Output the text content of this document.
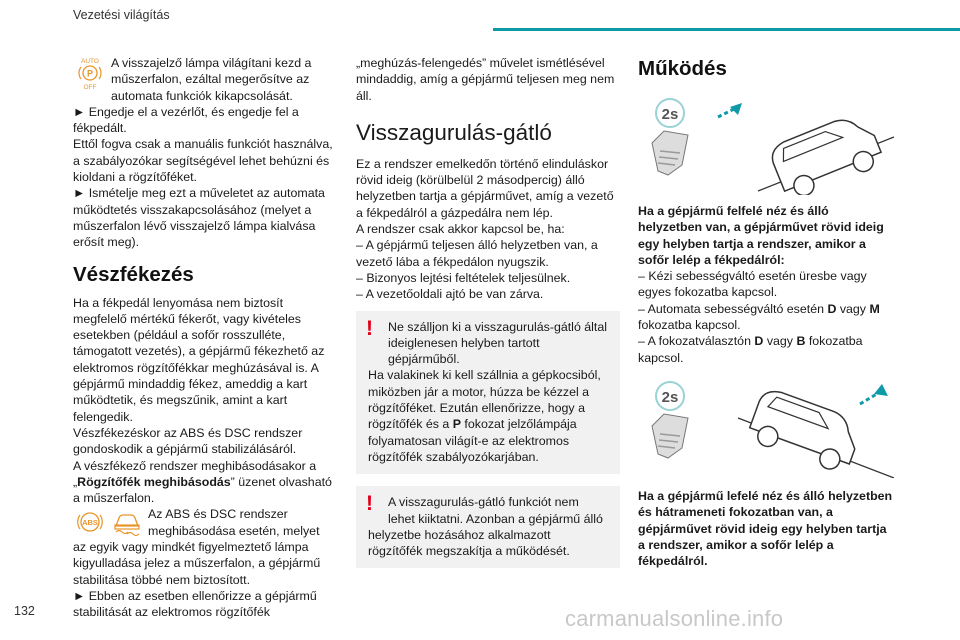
Vezetési világítás
AUTO
P
OFF
A visszajelző lámpa világítani kezd a műszerfalon, ezáltal megerősítve az automata funkciók kikapcsolását.

► Engedje el a vezérlőt, és engedje fel a fékpedált.

Ettől fogva csak a manuális funkciót használva, a szabályozókar segítségével lehet behúzni és kioldani a rögzítőféket.

► Ismételje meg ezt a műveletet az automata működtetés visszakapcsolásához (melyet a műszerfalon lévő visszajelző lámpa kialvása erősít meg).

Vészfékezés

Ha a fékpedál lenyomása nem biztosít megfelelő mértékű fékerőt, vagy kivételes esetekben (például a sofőr rosszulléte, támogatott vezetés), a gépjármű fékezhető az elektromos rögzítőfékkar meghúzásával is. A gépjármű mindaddig fékez, ameddig a kart működtetik, és megszűnik, amint a kart felengedik.

Vészfékezéskor az ABS és DSC rendszer gondoskodik a gépjármű stabilizálásáról.

A vészfékező rendszer meghibásodásakor a „Rögzítőfék meghibásodás” üzenet olvasható a műszerfalon.

ABS
Az ABS és DSC rendszer meghibásodása esetén, melyet az egyik vagy mindkét figyelmeztető lámpa kigyulladása jelez a műszerfalon, a gépjármű stabilitása többé nem biztosított.

► Ebben az esetben ellenőrizze a gépjármű stabilitását az elektromos rögzítőfék

„meghúzás-felengedés” művelet ismétlésével mindaddig, amíg a gépjármű teljesen meg nem áll.

Visszagurulás-gátló

Ez a rendszer emelkedőn történő elinduláskor rövid ideig (körülbelül 2 másodpercig) álló helyzetben tartja a gépjárművet, amíg a vezető a fékpedálról a gázpedálra nem lép.

A rendszer csak akkor kapcsol be, ha:

– A gépjármű teljesen álló helyzetben van, a vezető lába a fékpedálon nyugszik.

– Bizonyos lejtési feltételek teljesülnek.

– A vezetőoldali ajtó be van zárva.

!	Ne szálljon ki a visszagurulás-gátló által ideiglenesen helyben tartott gépjárműből.

Ha valakinek ki kell szállnia a gépkocsiból, miközben jár a motor, húzza be kézzel a rögzítőféket. Ezután ellenőrizze, hogy a rögzítőfék és a P fokozat jelzőlámpája folyamatosan világít-e az elektromos rögzítőfék szabályozókarjában.

!	A visszagurulás-gátló funkciót nem lehet kiiktatni. Azonban a gépjármű álló

helyzetbe hozásához alkalmazott rögzítőfék megszakítja a működését.

Működés
2s

Ha a gépjármű felfelé néz és álló helyzetben van, a gépjárművet rövid ideig egy helyben tartja a rendszer, amikor a sofőr lelép a fékpedálról:

– Kézi sebességváltó esetén üresbe vagy egyes fokozatba kapcsol.

– Automata sebességváltó esetén D vagy M fokozatba kapcsol.

– A fokozatválasztón D vagy B fokozatba kapcsol.

2s

Ha a gépjármű lefelé néz és álló helyzetben és hátrameneti fokozatban van, a gépjárművet rövid ideig egy helyben tartja a rendszer, amikor a sofőr lelép a fékpedálról.

132	carmanualsonline.info
